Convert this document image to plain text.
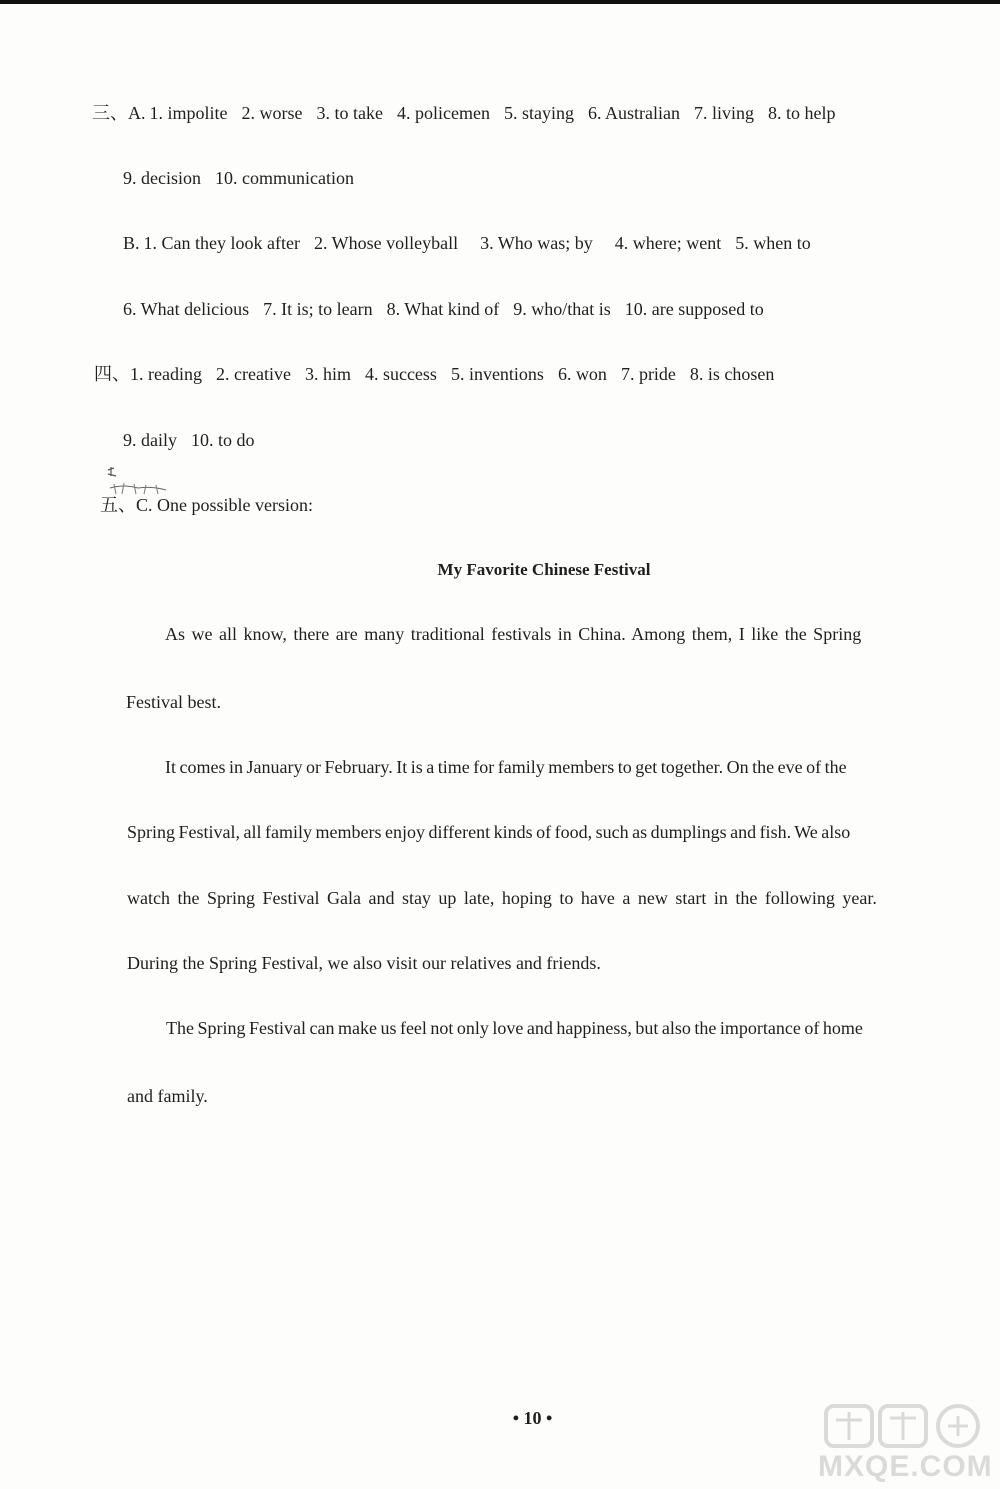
三、A. 1. impolite 2. worse 3. to take 4. policemen 5. staying 6. Australian 7. living 8. to help
9. decision 10. communication
B. 1. Can they look after 2. Whose volleyball 3. Who was; by 4. where; went 5. when to
6. What delicious 7. It is; to learn 8. What kind of 9. who/that is 10. are supposed to
四、1. reading 2. creative 3. him 4. success 5. inventions 6. won 7. pride 8. is chosen
9. daily 10. to do
五、C. One possible version:
My Favorite Chinese Festival
As we all know, there are many traditional festivals in China. Among them, I like the Spring
Festival best.
It comes in January or February. It is a time for family members to get together. On the eve of the
Spring Festival, all family members enjoy different kinds of food, such as dumplings and fish. We also
watch the Spring Festival Gala and stay up late, hoping to have a new start in the following year.
During the Spring Festival, we also visit our relatives and friends.
The Spring Festival can make us feel not only love and happiness, but also the importance of home
and family.
• 10 •
MXQE.COM
